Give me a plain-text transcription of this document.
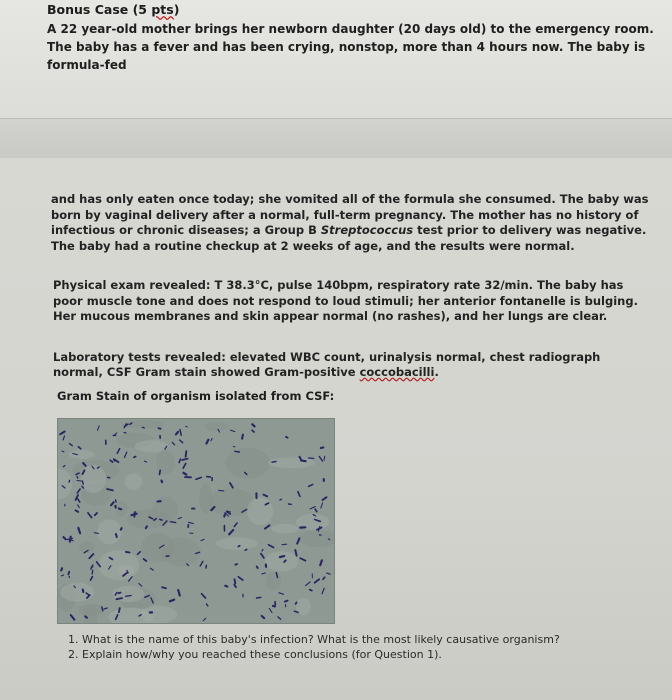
Bonus Case (5 pts)
A 22 year-old mother brings her newborn daughter (20 days old) to the emergency room. The baby has a fever and has been crying, nonstop, more than 4 hours now. The baby is formula-fed
and has only eaten once today; she vomited all of the formula she consumed. The baby was born by vaginal delivery after a normal, full-term pregnancy. The mother has no history of infectious or chronic diseases; a Group B Streptococcus test prior to delivery was negative. The baby had a routine checkup at 2 weeks of age, and the results were normal.
Physical exam revealed: T 38.3°C, pulse 140bpm, respiratory rate 32/min. The baby has poor muscle tone and does not respond to loud stimuli; her anterior fontanelle is bulging. Her mucous membranes and skin appear normal (no rashes), and her lungs are clear.
Laboratory tests revealed: elevated WBC count, urinalysis normal, chest radiograph normal, CSF Gram stain showed Gram-positive coccobacilli.
Gram Stain of organism isolated from CSF:
1. What is the name of this baby's infection? What is the most likely causative organism?
2. Explain how/why you reached these conclusions (for Question 1).
